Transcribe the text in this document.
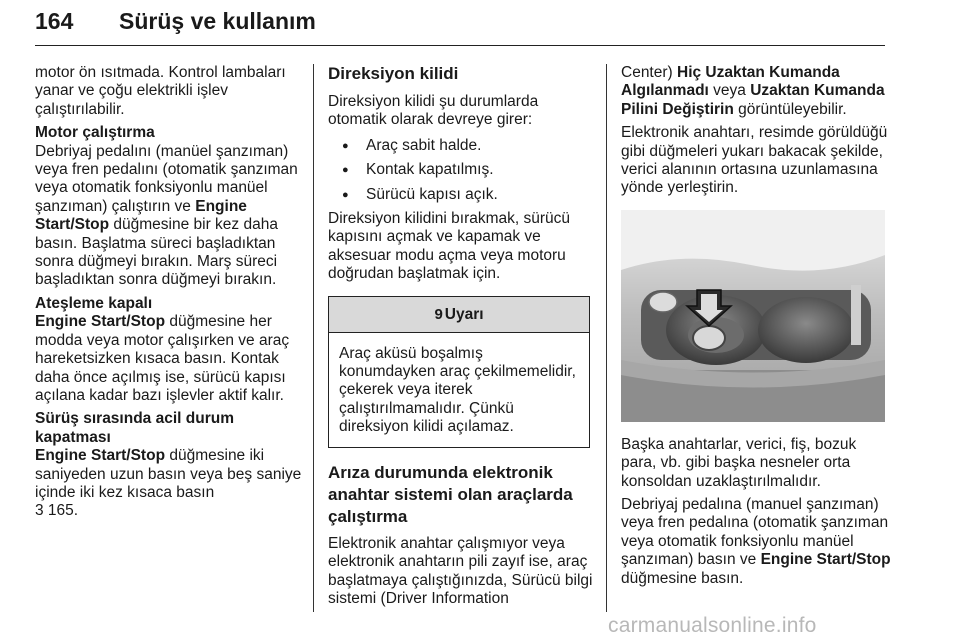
164 Sürüş ve kullanım

motor ön ısıtmada. Kontrol lambaları yanar ve çoğu elektrikli işlev çalıştırılabilir.

Motor çalıştırma

Debriyaj pedalını (manüel şanzıman) veya fren pedalını (otomatik şanzıman veya otomatik fonksiyonlu manüel şanzıman) çalıştırın ve Engine Start/Stop düğmesine bir kez daha basın. Başlatma süreci başladıktan sonra düğmeyi bırakın. Marş süreci başladıktan sonra düğmeyi bırakın.

Ateşleme kapalı

Engine Start/Stop düğmesine her modda veya motor çalışırken ve araç hareketsizken kısaca basın. Kontak daha önce açılmış ise, sürücü kapısı açılana kadar bazı işlevler aktif kalır.

Sürüş sırasında acil durum kapatması

Engine Start/Stop düğmesine iki saniyeden uzun basın veya beş saniye içinde iki kez kısaca basın
3 165.

Direksiyon kilidi

Direksiyon kilidi şu durumlarda otomatik olarak devreye girer:

● Araç sabit halde.
● Kontak kapatılmış.
● Sürücü kapısı açık.

Direksiyon kilidini bırakmak, sürücü kapısını açmak ve kapamak ve aksesuar modu açma veya motoru doğrudan başlatmak için.

9 Uyarı
Araç aküsü boşalmış konumdayken araç çekilmemelidir, çekerek veya iterek çalıştırılmamalıdır. Çünkü direksiyon kilidi açılamaz.
Arıza durumunda elektronik anahtar sistemi olan araçlarda çalıştırma

Elektronik anahtar çalışmıyor veya elektronik anahtarın pili zayıf ise, araç başlatmaya çalıştığınızda, Sürücü bilgi sistemi (Driver Information

Center) Hiç Uzaktan Kumanda Algılanmadı veya Uzaktan Kumanda Pilini Değiştirin görüntüleyebilir.

Elektronik anahtarı, resimde görüldüğü gibi düğmeleri yukarı bakacak şekilde, verici alanının ortasına uzunlamasına yönde yerleştirin.

Başka anahtarlar, verici, fiş, bozuk para, vb. gibi başka nesneler orta konsoldan uzaklaştırılmalıdır.

Debriyaj pedalına (manuel şanzıman) veya fren pedalına (otomatik şanzıman veya otomatik fonksiyonlu manüel şanzıman) basın ve Engine Start/Stop düğmesine basın.

carmanualsonline.info
